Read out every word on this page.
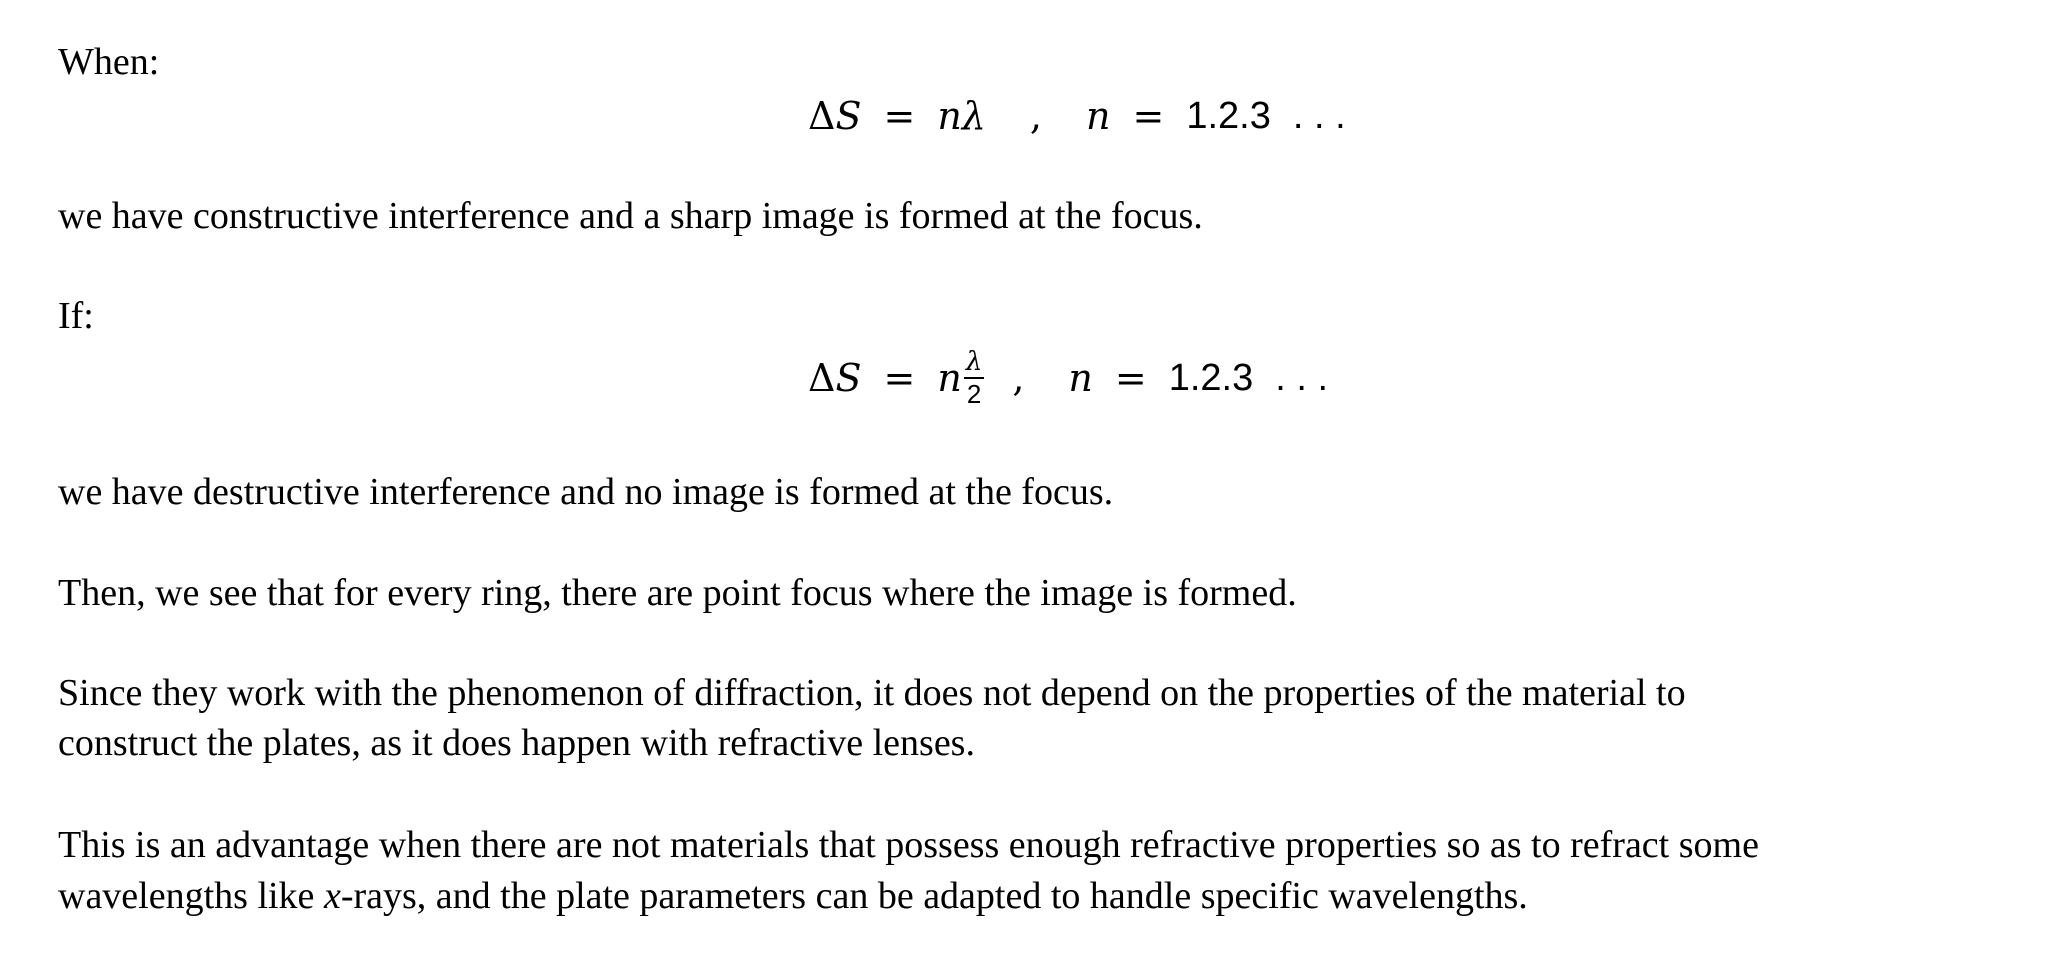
When:

Δ S = n λ , n = 1.2.3 . . .

we have constructive interference and a sharp image is formed at the focus.

If:

Δ S = n $\frac{\lambda}{2}$ , n = 1.2.3 . . .

we have destructive interference and no image is formed at the focus.

Then, we see that for every ring, there are point focus where the image is formed.

Since they work with the phenomenon of diffraction, it does not depend on the properties of the material to

construct the plates, as it does happen with refractive lenses.

This is an advantage when there are not materials that possess enough refractive properties so as to refract some

wavelengths like x-rays, and the plate parameters can be adapted to handle specific wavelengths.
